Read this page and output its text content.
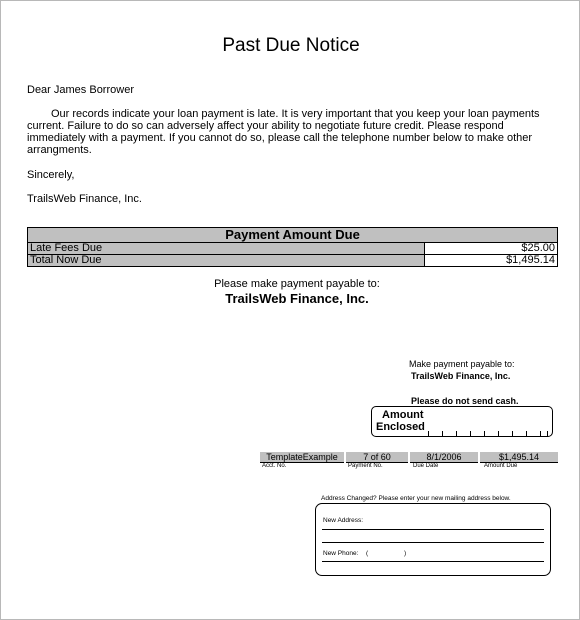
Past Due Notice
Dear James Borrower
Our records indicate your loan payment is late. It is very important that you keep your loan payments current. Failure to do so can adversely affect your ability to negotiate future credit. Please respond immediately with a payment. If you cannot do so, please call the telephone number below to make other arrangments.
Sincerely,
TrailsWeb Finance, Inc.
Payment Amount Due	
Late Fees Due	$25.00
Total Now Due	$1,495.14
Please make payment payable to:
TrailsWeb Finance, Inc.
Make payment payable to:
TrailsWeb Finance, Inc.
Please do not send cash.
Amount
Enclosed
TemplateExample	7 of 60	8/1/2006	$1,495.14
Acct. No.	Payment No.	Due Date	Amount Due
Address Changed? Please enter your new mailing address below.
New Address:
New Phone: (	)
